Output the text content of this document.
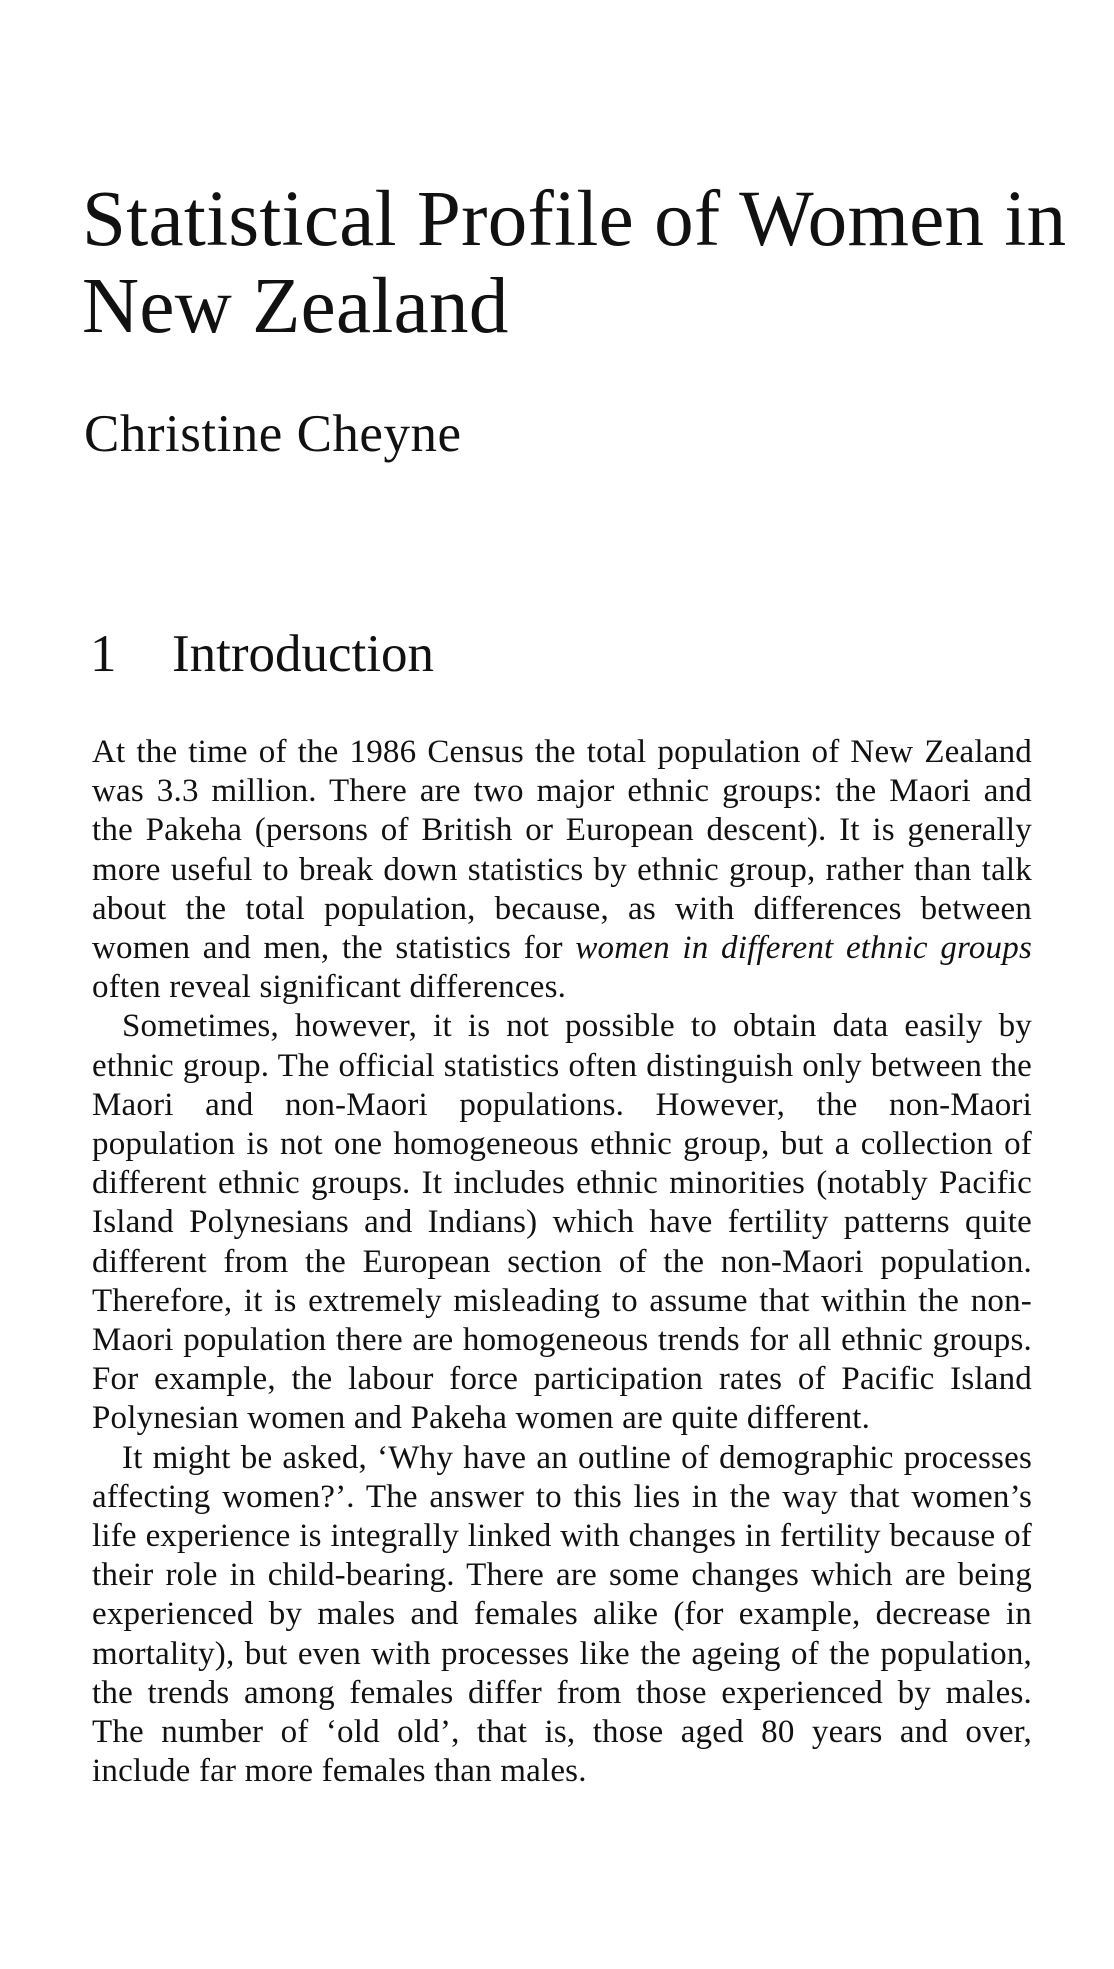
Statistical Profile of Women in New Zealand
Christine Cheyne
1 Introduction

At the time of the 1986 Census the total population of New Zealand was 3.3 million. There are two major ethnic groups: the Maori and the Pakeha (persons of British or European descent). It is generally more useful to break down statistics by ethnic group, rather than talk about the total population, because, as with differences between women and men, the statistics for women in different ethnic groups often reveal significant differences.

Sometimes, however, it is not possible to obtain data easily by ethnic group. The official statistics often distinguish only between the Maori and non-Maori populations. However, the non-Maori population is not one homogeneous ethnic group, but a collection of different ethnic groups. It includes ethnic minorities (notably Pacific Island Polynesians and Indians) which have fertility patterns quite different from the European section of the non-Maori population. Therefore, it is extremely misleading to assume that within the non-Maori population there are homogeneous trends for all ethnic groups. For example, the labour force participation rates of Pacific Island Polynesian women and Pakeha women are quite different.

It might be asked, ‘Why have an outline of demographic processes affecting women?’. The answer to this lies in the way that women’s life experience is integrally linked with changes in fertility because of their role in child-bearing. There are some changes which are being experienced by males and females alike (for example, decrease in mortality), but even with processes like the ageing of the population, the trends among females differ from those experienced by males. The number of ‘old old’, that is, those aged 80 years and over, include far more females than males.
